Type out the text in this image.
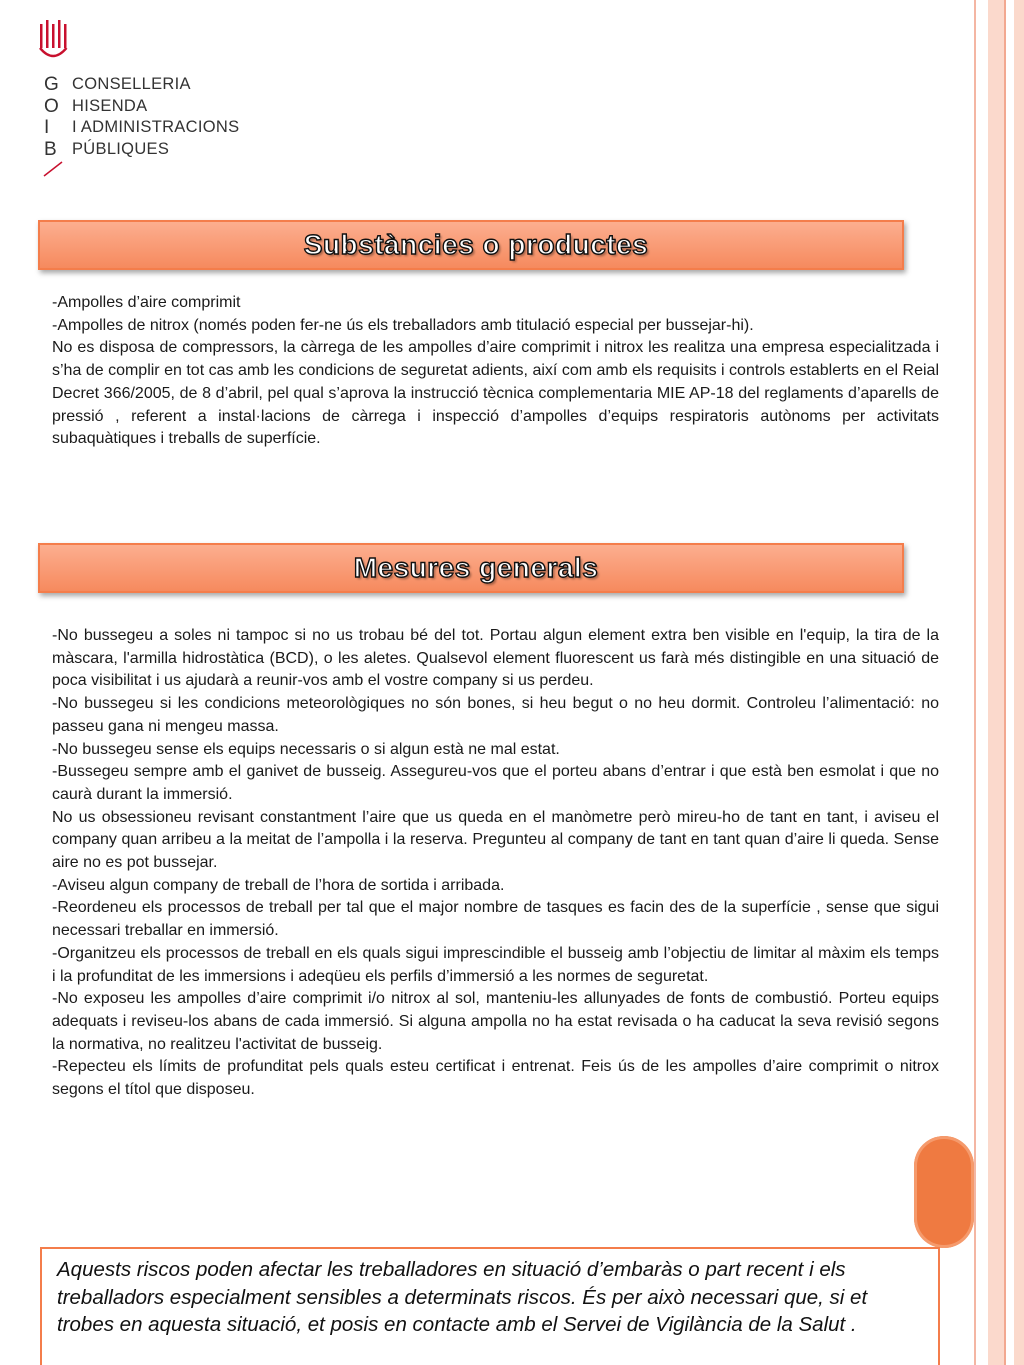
G
O
I
B
CONSELLERIA
HISENDA
I ADMINISTRACIONS
PÚBLIQUES
Substàncies o productes

-Ampolles d’aire comprimit

-Ampolles de nitrox (només poden fer-ne ús els treballadors amb titulació especial per bussejar-hi).

No es disposa de compressors, la càrrega de les ampolles d’aire comprimit i nitrox les realitza una empresa especialitzada i s’ha de complir en tot cas amb les condicions de seguretat adients, així com amb els requisits i controls establerts en el Reial Decret 366/2005, de 8 d’abril, pel qual s’aprova la instrucció tècnica complementaria MIE AP-18 del reglaments d’aparells de pressió , referent a instal·lacions de càrrega i inspecció d’ampolles d’equips respiratoris autònoms per activitats subaquàtiques i treballs de superfície.

Mesures generals

-No bussegeu a soles ni tampoc si no us trobau bé del tot. Portau algun element extra ben visible en l'equip, la tira de la màscara, l'armilla hidrostàtica (BCD), o les aletes. Qualsevol element fluorescent us farà més distingible en una situació de poca visibilitat i us ajudarà a reunir-vos amb el vostre company si us perdeu.

-No bussegeu si les condicions meteorològiques no són bones, si heu begut o no heu dormit. Controleu l’alimentació: no passeu gana ni mengeu massa.

-No bussegeu sense els equips necessaris o si algun està ne mal estat.

-Bussegeu sempre amb el ganivet de busseig. Assegureu-vos que el porteu abans d’entrar i que està ben esmolat i que no caurà durant la immersió.

No us obsessioneu revisant constantment l’aire que us queda en el manòmetre però mireu-ho de tant en tant, i aviseu el company quan arribeu a la meitat de l’ampolla i la reserva. Pregunteu al company de tant en tant quan d’aire li queda. Sense aire no es pot bussejar.

-Aviseu algun company de treball de l’hora de sortida i arribada.

-Reordeneu els processos de treball per tal que el major nombre de tasques es facin des de la superfície , sense que sigui necessari treballar en immersió.

-Organitzeu els processos de treball en els quals sigui imprescindible el busseig amb l’objectiu de limitar al màxim els temps i la profunditat de les immersions i adeqüeu els perfils d’immersió a les normes de seguretat.

-No exposeu les ampolles d’aire comprimit i/o nitrox al sol, manteniu-les allunyades de fonts de combustió. Porteu equips adequats i reviseu-los abans de cada immersió. Si alguna ampolla no ha estat revisada o ha caducat la seva revisió segons la normativa, no realitzeu l'activitat de busseig.

-Repecteu els límits de profunditat pels quals esteu certificat i entrenat. Feis ús de les ampolles d’aire comprimit o nitrox segons el títol que disposeu.

Aquests riscos poden afectar les treballadores en situació d’embaràs o part recent i els treballadors especialment sensibles a determinats riscos. És per això necessari que, si et trobes en aquesta situació, et posis en contacte amb el Servei de Vigilància de la Salut .
